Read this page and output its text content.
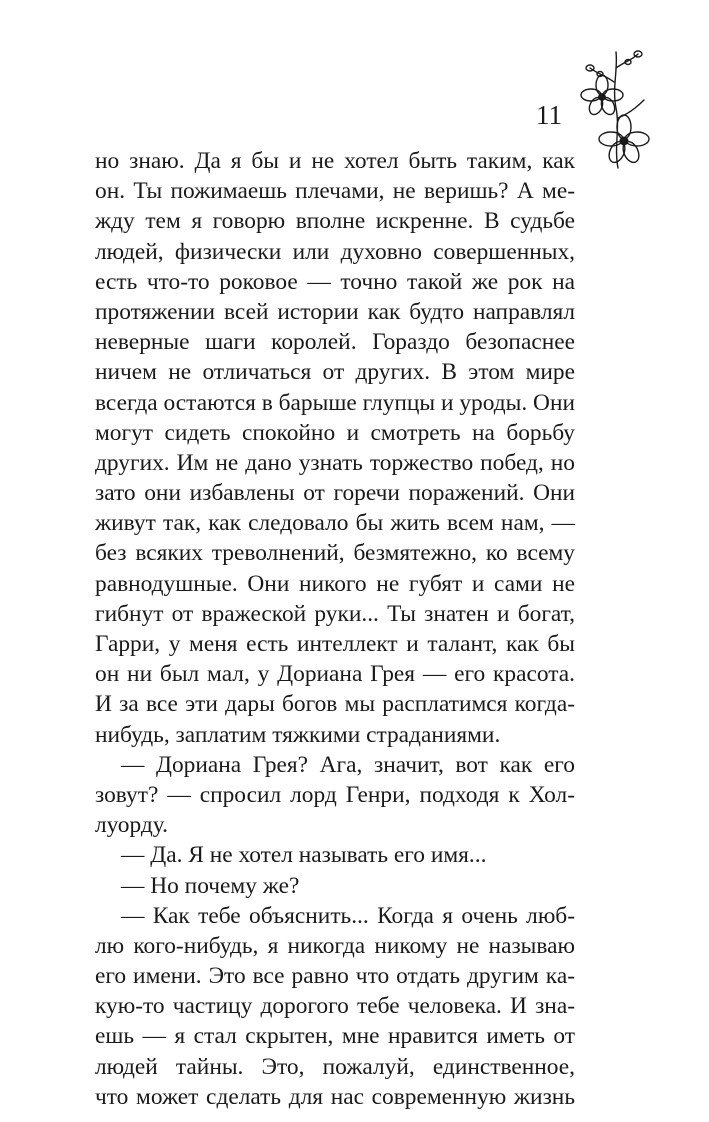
11
но знаю. Да я бы и не хотел быть таким, как
он. Ты пожимаешь плечами, не веришь? А ме-
жду тем я говорю вполне искренне. В судьбе
людей, физически или духовно совершенных,
есть что-то роковое — точно такой же рок на
протяжении всей истории как будто направлял
неверные шаги королей. Гораздо безопаснее
ничем не отличаться от других. В этом мире
всегда остаются в барыше глупцы и уроды. Они
могут сидеть спокойно и смотреть на борьбу
других. Им не дано узнать торжество побед, но
зато они избавлены от горечи поражений. Они
живут так, как следовало бы жить всем нам, —
без всяких треволнений, безмятежно, ко всему
равнодушные. Они никого не губят и сами не
гибнут от вражеской руки... Ты знатен и богат,
Гарри, у меня есть интеллект и талант, как бы
он ни был мал, у Дориана Грея — его красота.
И за все эти дары богов мы расплатимся когда-
нибудь, заплатим тяжкими страданиями.
— Дориана Грея? Ага, значит, вот как его
зовут? — спросил лорд Генри, подходя к Хол-
луорду.
— Да. Я не хотел называть его имя...
— Но почему же?
— Как тебе объяснить... Когда я очень люб-
лю кого-нибудь, я никогда никому не называю
его имени. Это все равно что отдать другим ка-
кую-то частицу дорогого тебе человека. И зна-
ешь — я стал скрытен, мне нравится иметь от
людей тайны. Это, пожалуй, единственное,
что может сделать для нас современную жизнь
